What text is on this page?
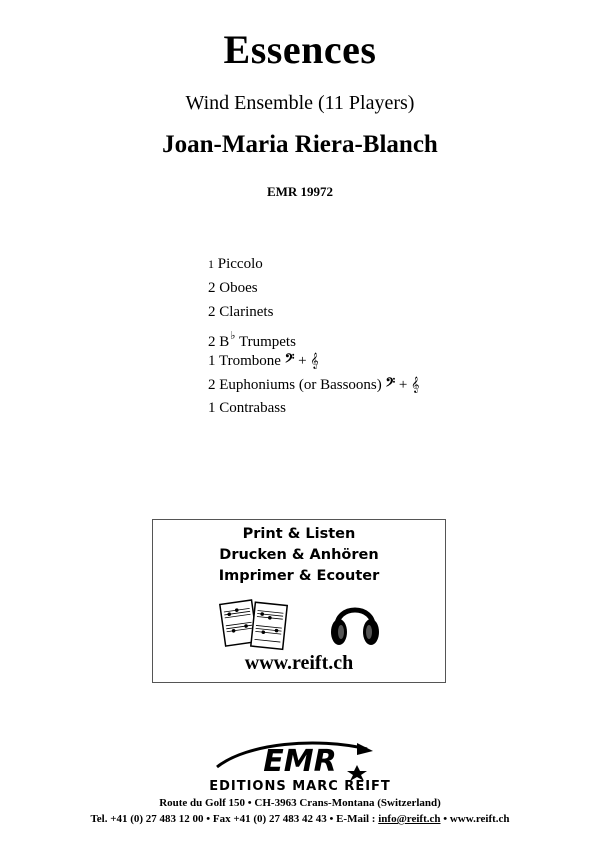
Essences
Wind Ensemble (11 Players)
Joan-Maria Riera-Blanch
EMR 19972
1 Piccolo
2 Oboes
2 Clarinets
2 B♭ Trumpets
1 Trombone 𝄢 + 𝄞
2 Euphoniums (or Bassoons) 𝄢 + 𝄞
1 Contrabass
Print & Listen
Drucken & Anhören
Imprimer & Ecouter
www.reift.ch
EMR
EDITIONS MARC REIFT
Route du Golf 150 • CH-3963 Crans-Montana (Switzerland)
Tel. +41 (0) 27 483 12 00 • Fax +41 (0) 27 483 42 43 • E-Mail : info@reift.ch • www.reift.ch
